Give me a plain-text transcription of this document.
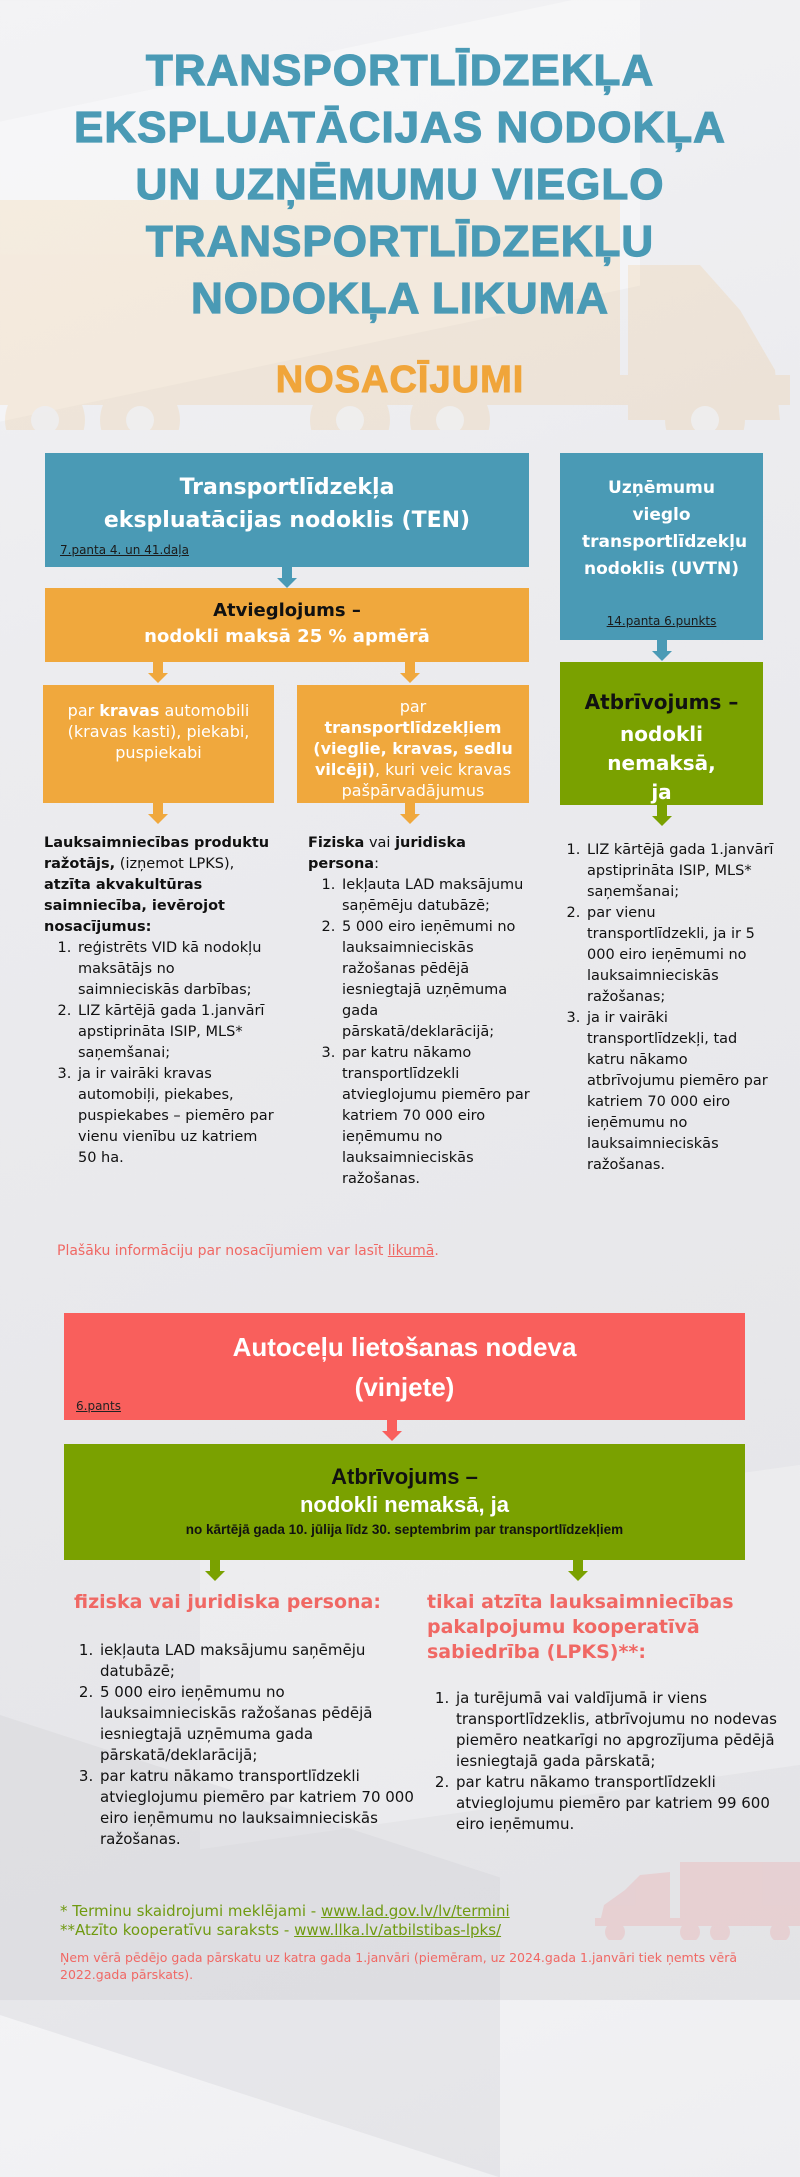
TRANSPORTLĪDZEKĻA
EKSPLUATĀCIJAS NODOKĻA
UN UZŅĒMUMU VIEGLO
TRANSPORTLĪDZEKĻU
NODOKĻA LIKUMA
NOSACĪJUMI
Transportlīdzekļa
ekspluatācijas nodoklis (TEN)
7.panta 4. un 41.daļa
Atvieglojums –
nodokli maksā 25 % apmērā
par kravas automobili (kravas kasti), piekabi, puspiekabi
par
transportlīdzekļiem (vieglie, kravas, sedlu vilcēji), kuri veic kravas pašpārvadājumus
Lauksaimniecības produktu ražotājs, (izņemot LPKS), atzīta akvakultūras saimniecība, ievērojot nosacījumus:
1. reģistrēts VID kā nodokļu maksātājs no saimnieciskās darbības;
2. LIZ kārtējā gada 1.janvārī apstiprināta ISIP, MLS* saņemšanai;
3. ja ir vairāki kravas automobiļi, piekabes, puspiekabes – piemēro par vienu vienību uz katriem 50 ha.
Fiziska vai juridiska persona:
1. Iekļauta LAD maksājumu saņēmēju datubāzē;
2. 5 000 eiro ieņēmumi no lauksaimnieciskās ražošanas pēdējā iesniegtajā uzņēmuma gada pārskatā/deklarācijā;
3. par katru nākamo transportlīdzekli atvieglojumu piemēro par katriem 70 000 eiro ieņēmumu no lauksaimnieciskās ražošanas.
Uzņēmumu vieglo transportlīdzekļu nodoklis (UVTN)
14.panta 6.punkts
Atbrīvojums –
nodokli nemaksā, ja
1. LIZ kārtējā gada 1.janvārī apstiprināta ISIP, MLS* saņemšanai;
2. par vienu transportlīdzekli, ja ir 5 000 eiro ieņēmumi no lauksaimnieciskās ražošanas;
3. ja ir vairāki transportlīdzekļi, tad katru nākamo atbrīvojumu piemēro par katriem 70 000 eiro ieņēmumu no lauksaimnieciskās ražošanas.
Plašāku informāciju par nosacījumiem var lasīt likumā.
Autoceļu lietošanas nodeva
(vinjete)
6.pants
Atbrīvojums –
nodokli nemaksā, ja
no kārtējā gada 10. jūlija līdz 30. septembrim par transportlīdzekļiem
fiziska vai juridiska persona: tikai atzīta lauksaimniecības pakalpojumu kooperatīvā sabiedrība (LPKS)**:
1. iekļauta LAD maksājumu saņēmēju datubāzē;
2. 5 000 eiro ieņēmumu no lauksaimnieciskās ražošanas pēdējā iesniegtajā uzņēmuma gada pārskatā/deklarācijā;
3. par katru nākamo transportlīdzekli atvieglojumu piemēro par katriem 70 000 eiro ieņēmumu no lauksaimnieciskās ražošanas.
1. ja turējumā vai valdījumā ir viens transportlīdzeklis, atbrīvojumu no nodevas piemēro neatkarīgi no apgrozījuma pēdējā iesniegtajā gada pārskatā;
2. par katru nākamo transportlīdzekli atvieglojumu piemēro par katriem 99 600 eiro ieņēmumu.
* Terminu skaidrojumi meklējami - www.lad.gov.lv/lv/termini
**Atzīto kooperatīvu saraksts - www.llka.lv/atbilstibas-lpks/
Ņem vērā pēdējo gada pārskatu uz katra gada 1.janvāri (piemēram, uz 2024.gada 1.janvāri tiek ņemts vērā 2022.gada pārskats).
